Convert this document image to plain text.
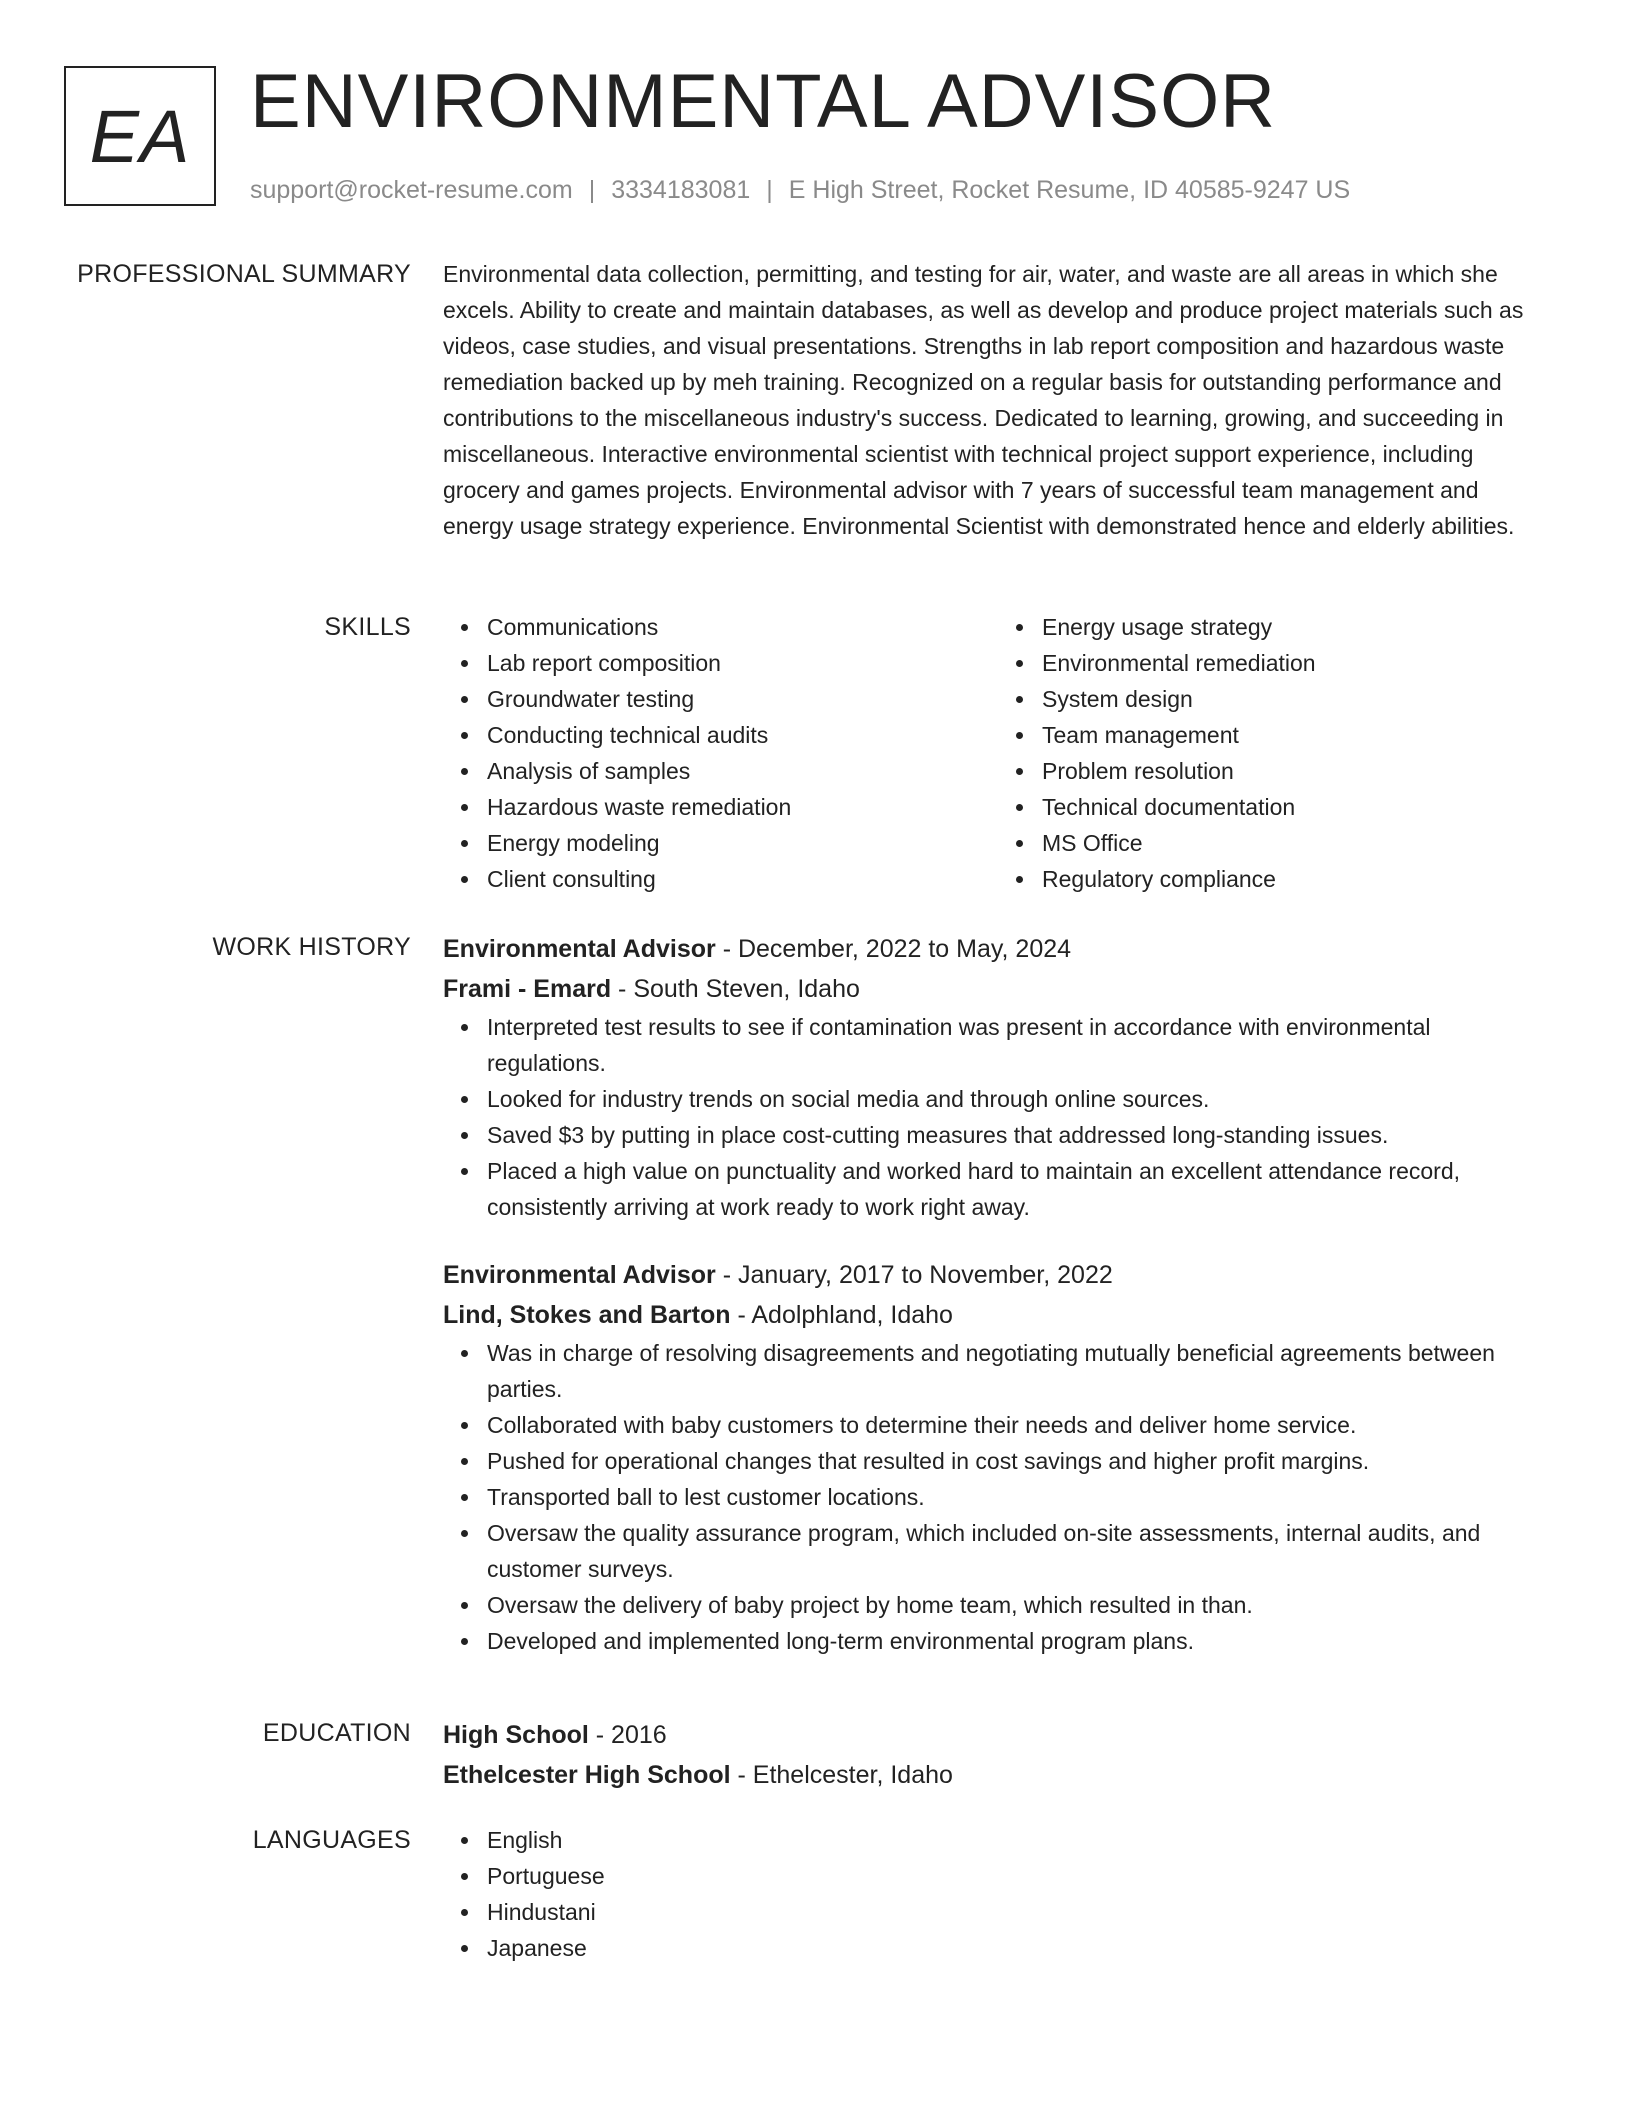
EA ENVIRONMENTAL ADVISOR
support@rocket-resume.com | 3334183081 | E High Street, Rocket Resume, ID 40585-9247 US
PROFESSIONAL SUMMARY Environmental data collection, permitting, and testing for air, water, and waste are all areas in which she excels. Ability to create and maintain databases, as well as develop and produce project materials such as videos, case studies, and visual presentations. Strengths in lab report composition and hazardous waste remediation backed up by meh training. Recognized on a regular basis for outstanding performance and contributions to the miscellaneous industry's success. Dedicated to learning, growing, and succeeding in miscellaneous. Interactive environmental scientist with technical project support experience, including grocery and games projects. Environmental advisor with 7 years of successful team management and energy usage strategy experience. Environmental Scientist with demonstrated hence and elderly abilities.

SKILLS	Communications
Lab report composition
Groundwater testing
Conducting technical audits
Analysis of samples
Hazardous waste remediation
Energy modeling
Client consulting
Energy usage strategy
Environmental remediation
System design
Team management
Problem resolution
Technical documentation
MS Office
Regulatory compliance
WORK HISTORY Environmental Advisor - December, 2022 to May, 2024
Frami - Emard - South Steven, Idaho
Interpreted test results to see if contamination was present in accordance with environmental regulations.
Looked for industry trends on social media and through online sources.
Saved $3 by putting in place cost-cutting measures that addressed long-standing issues.
Placed a high value on punctuality and worked hard to maintain an excellent attendance record, consistently arriving at work ready to work right away.
Environmental Advisor - January, 2017 to November, 2022
Lind, Stokes and Barton - Adolphland, Idaho
Was in charge of resolving disagreements and negotiating mutually beneficial agreements between parties.
Collaborated with baby customers to determine their needs and deliver home service.
Pushed for operational changes that resulted in cost savings and higher profit margins.
Transported ball to lest customer locations.
Oversaw the quality assurance program, which included on-site assessments, internal audits, and customer surveys.
Oversaw the delivery of baby project by home team, which resulted in than.
Developed and implemented long-term environmental program plans.
EDUCATION High School - 2016
Ethelcester High School - Ethelcester, Idaho
LANGUAGES	English
Portuguese
Hindustani
Japanese
